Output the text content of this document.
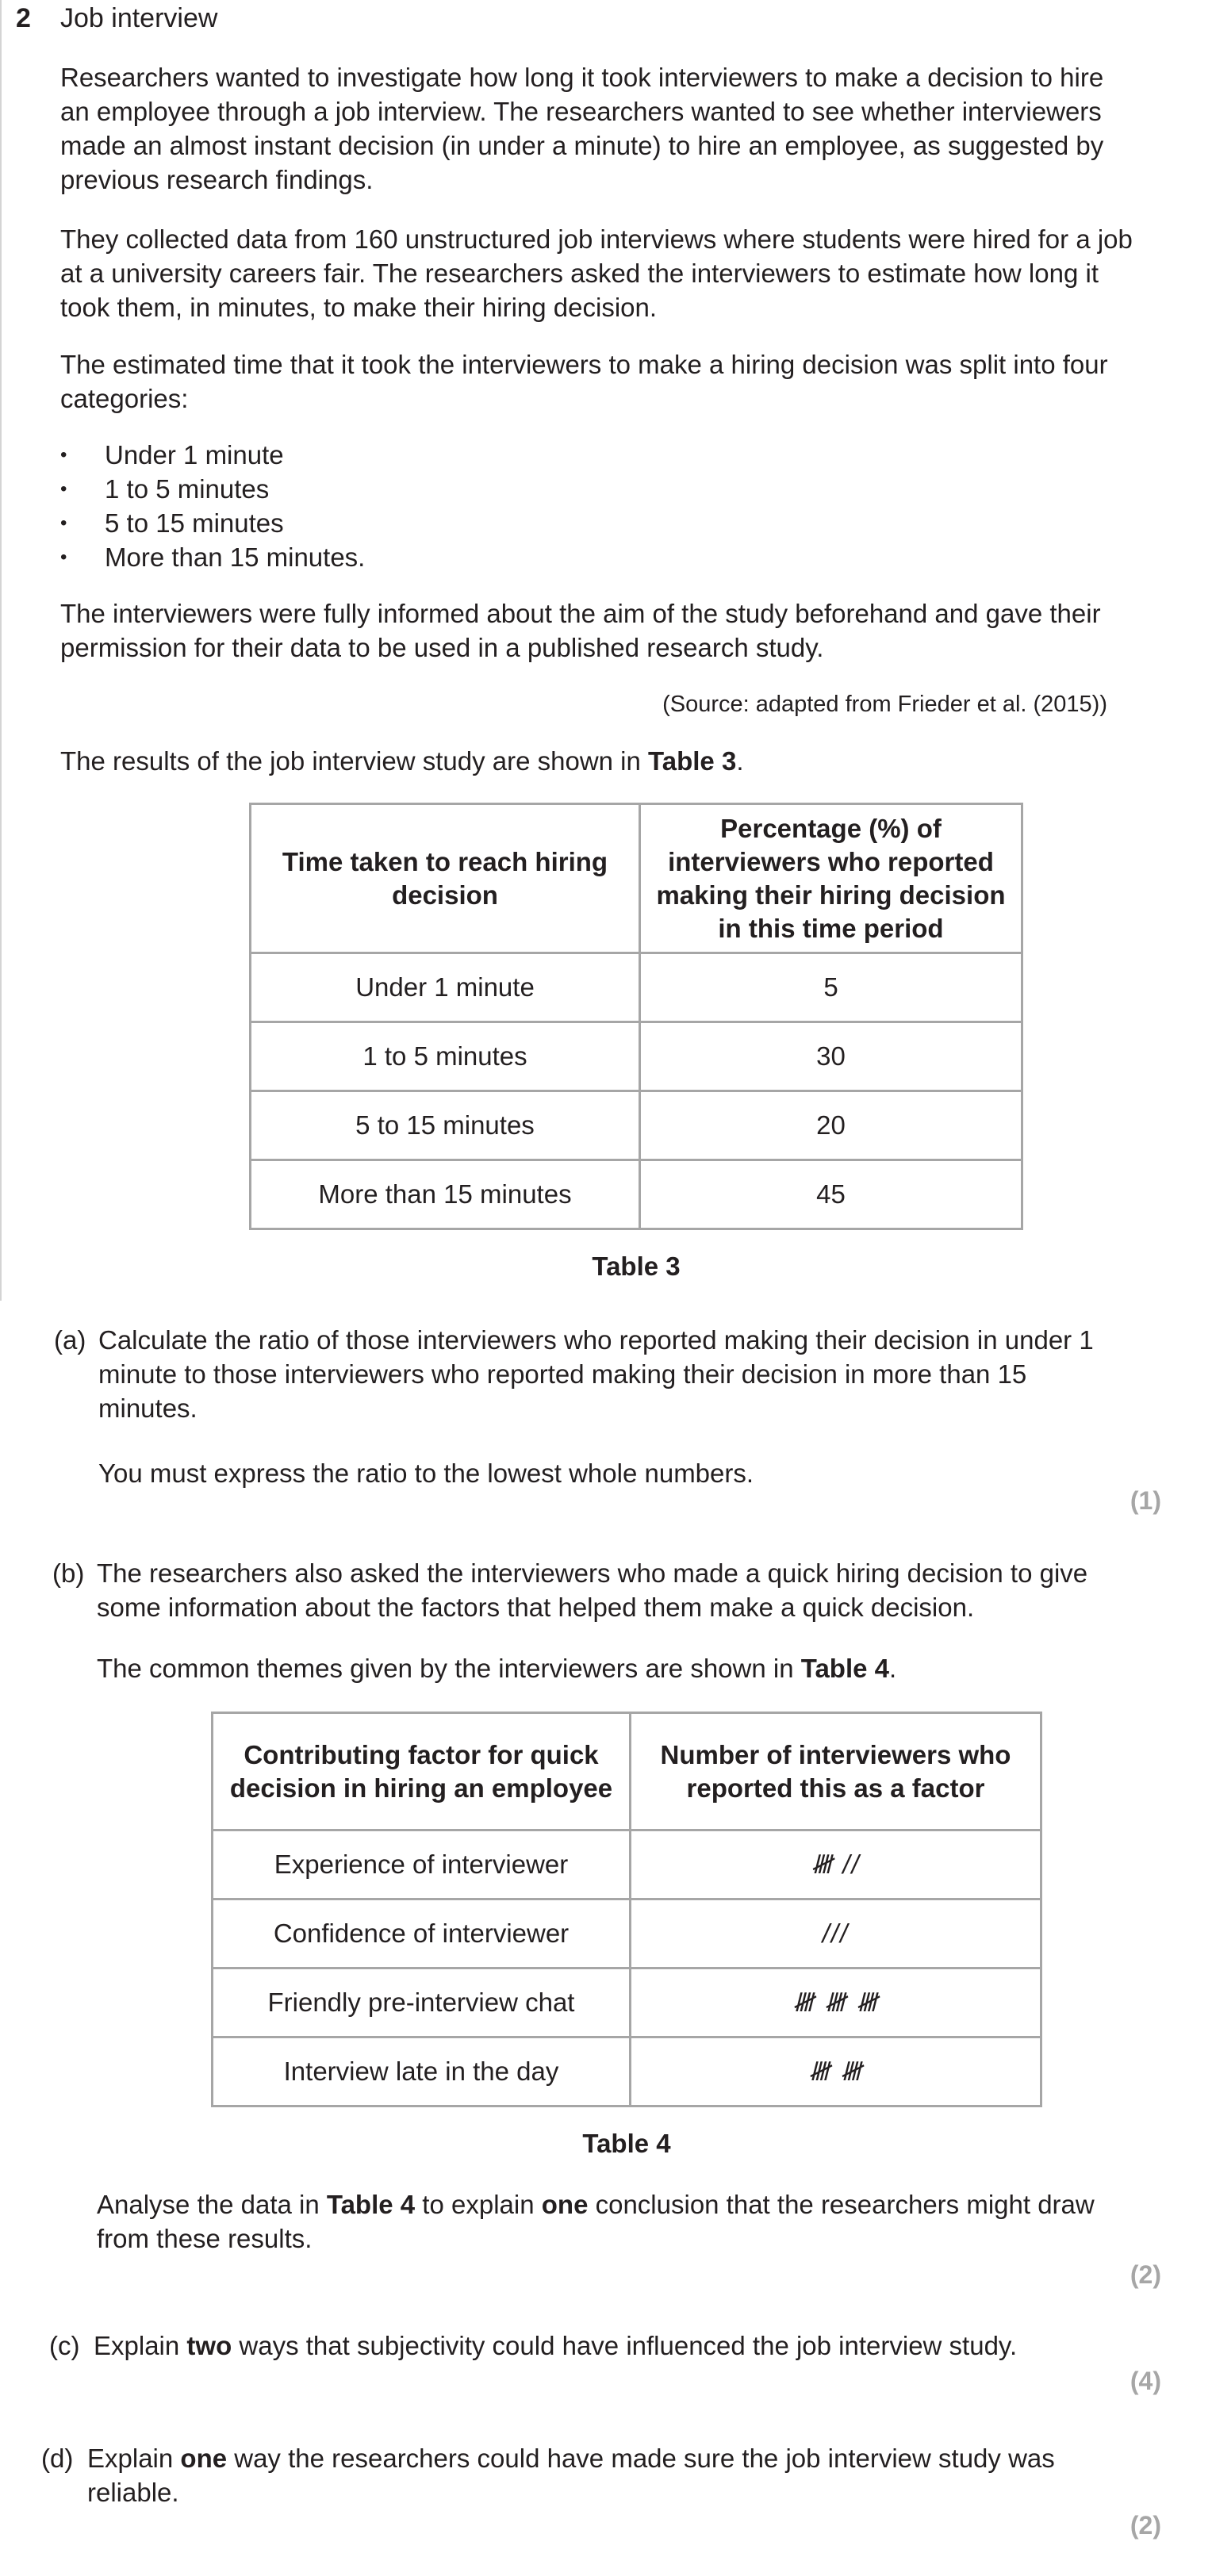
2 Job interview

Researchers wanted to investigate how long it took interviewers to make a decision to hire an employee through a job interview. The researchers wanted to see whether interviewers made an almost instant decision (in under a minute) to hire an employee, as suggested by previous research findings.

They collected data from 160 unstructured job interviews where students were hired for a job at a university careers fair. The researchers asked the interviewers to estimate how long it took them, in minutes, to make their hiring decision.

The estimated time that it took the interviewers to make a hiring decision was split into four categories:

• Under 1 minute
• 1 to 5 minutes
• 5 to 15 minutes
• More than 15 minutes.

The interviewers were fully informed about the aim of the study beforehand and gave their permission for their data to be used in a published research study.

(Source: adapted from Frieder et al. (2015))

The results of the job interview study are shown in Table 3.

Time taken to reach hiring decision	Percentage (%) of interviewers who reported making their hiring decision in this time period
Under 1 minute	5
1 to 5 minutes	30
5 to 15 minutes	20
More than 15 minutes	45
Table 3
(a) Calculate the ratio of those interviewers who reported making their decision in under 1 minute to those interviewers who reported making their decision in more than 15 minutes.

You must express the ratio to the lowest whole numbers.

(1)
(b) The researchers also asked the interviewers who made a quick hiring decision to give some information about the factors that helped them make a quick decision.

The common themes given by the interviewers are shown in Table 4.

Contributing factor for quick decision in hiring an employee	Number of interviewers who reported this as a factor
Experience of interviewer	𝍸 //
Confidence of interviewer	///
Friendly pre-interview chat	𝍸 𝍸 𝍸
Interview late in the day	𝍸 𝍸
Table 4

Analyse the data in Table 4 to explain one conclusion that the researchers might draw from these results.

(2)
(c) Explain two ways that subjectivity could have influenced the job interview study.
(4)
(d) Explain one way the researchers could have made sure the job interview study was reliable.
(2)
